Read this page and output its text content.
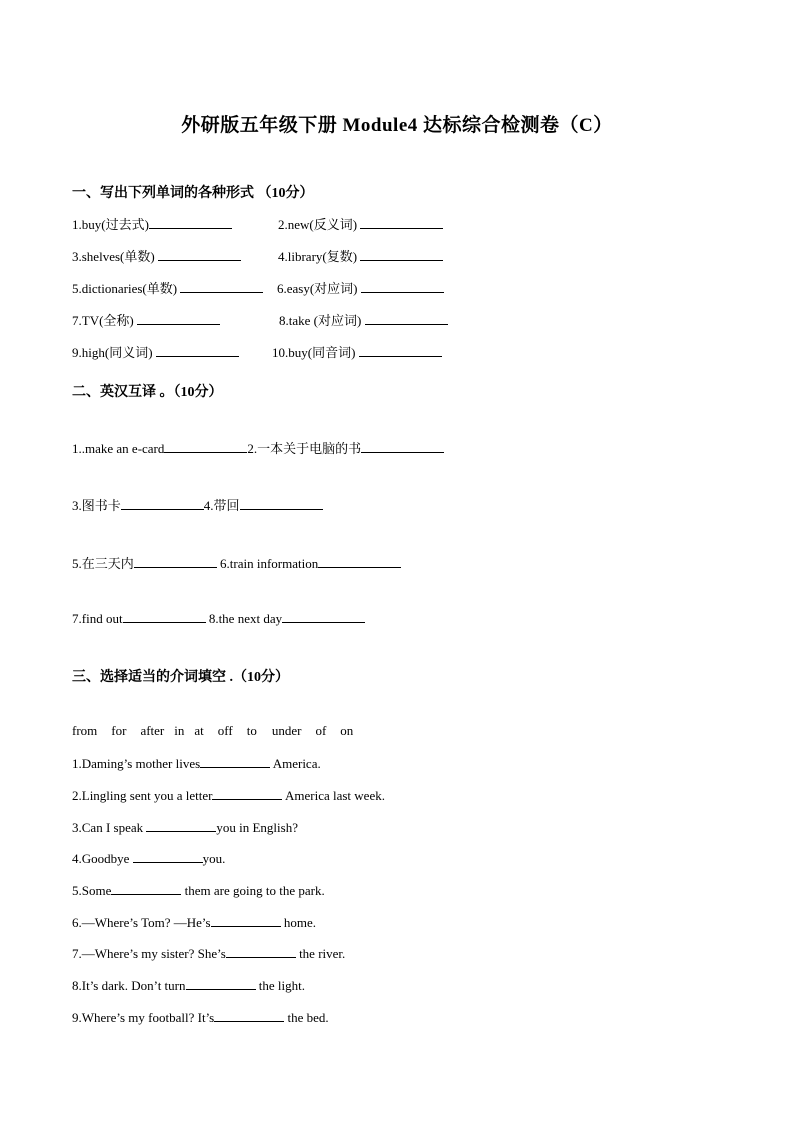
外研版五年级下册 Module4 达标综合检测卷（C）
一、写出下列单词的各种形式 （10分）
1.buy(过去式)	2.new(反义词)
3.shelves(单数)	4.library(复数)
5.dictionaries(单数)	6.easy(对应词)
7.TV(全称)	8.take (对应词)
9.high(同义词)	10.buy(同音词)
二、英汉互译 。（10分）
1..make an e-card	2.一本关于电脑的书
3.图书卡	4.带回
5.在三天内	6.train information
7.find out	8.the next day
三、选择适当的介词填空 .（10分）
from for after in at off to under of on
1.Daming’s mother lives	America.
2.Lingling sent you a letter	America last week.
3.Can I speak	you in English?
4.Goodbye	you.
5.Some	them are going to the park.
6.—Where’s Tom? —He’s	home.
7.—Where’s my sister? She’s	the river.
8.It’s dark. Don’t turn	the light.
9.Where’s my football? It’s	the bed.
